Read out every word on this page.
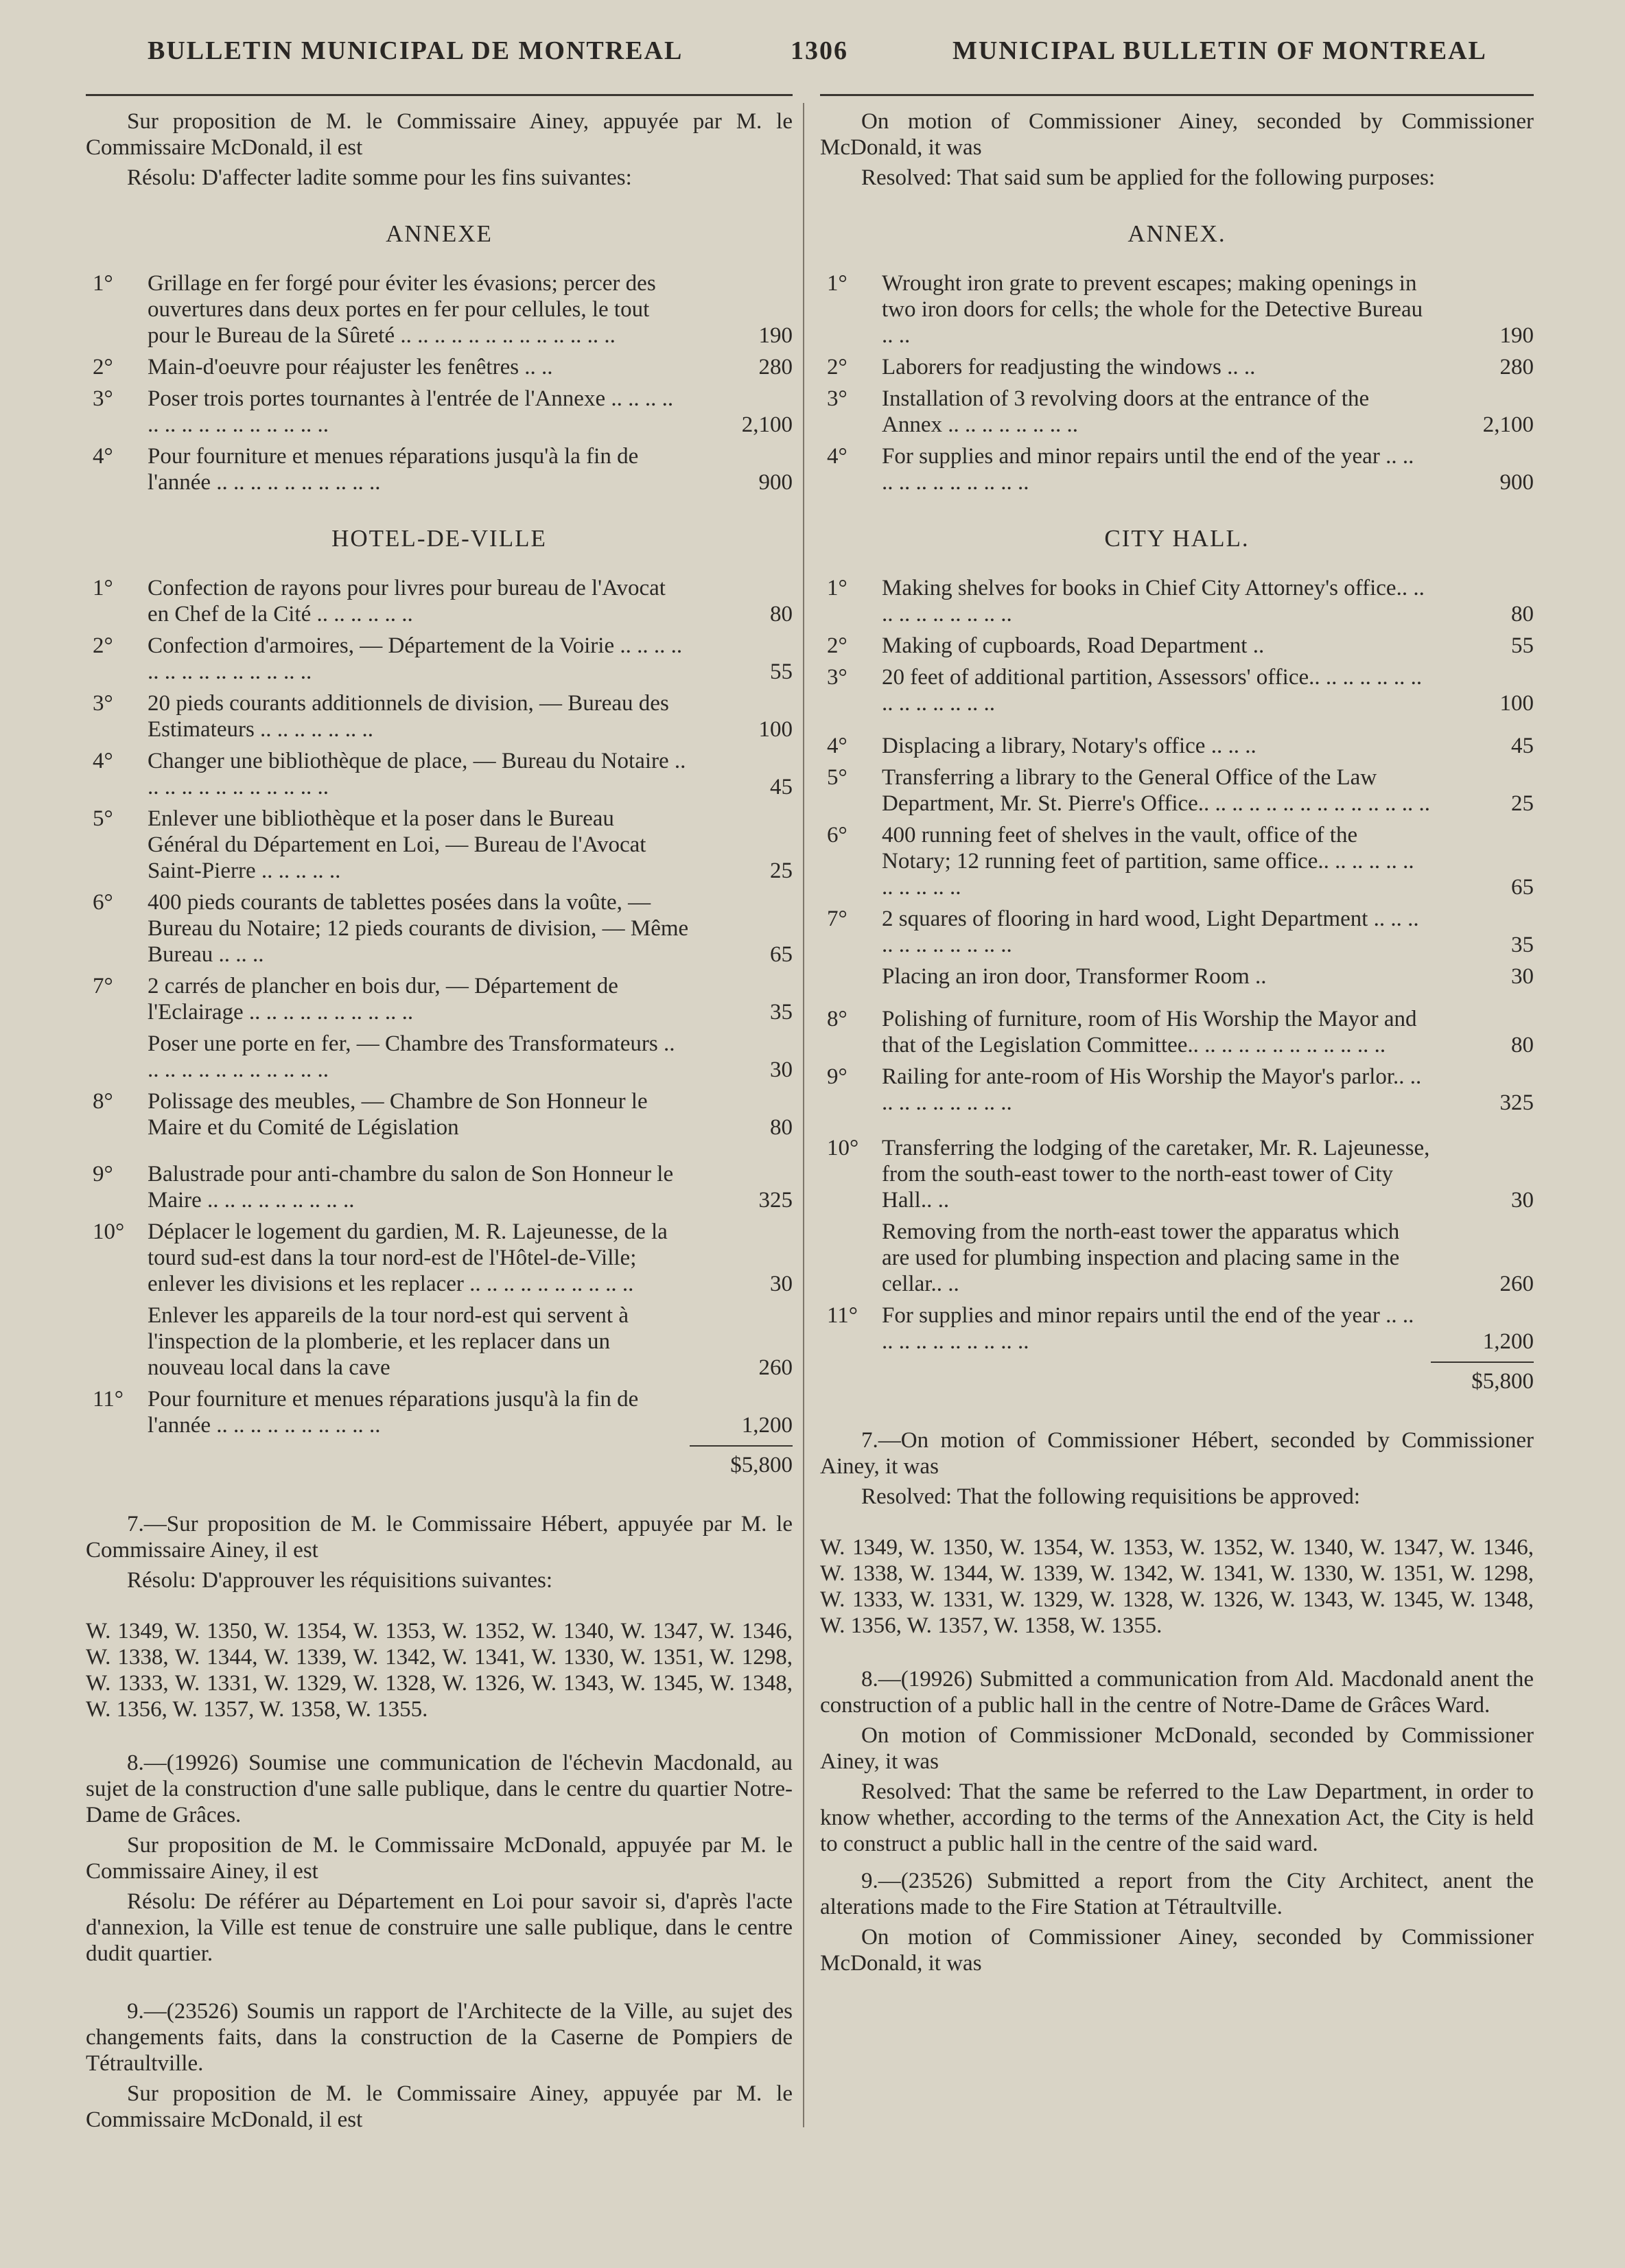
BULLETIN MUNICIPAL DE MONTREAL	1306	MUNICIPAL BULLETIN OF MONTREAL

Sur proposition de M. le Commissaire Ainey, appuyée par M. le Commissaire McDonald, il est

Résolu: D'affecter ladite somme pour les fins suivantes:

ANNEXE
1° Grillage en fer forgé pour éviter les évasions; percer des ouvertures dans deux portes en fer pour cellules, le tout pour le Bureau de la Sûreté .. .. .. .. .. .. .. .. .. .. .. .. ..	190
2° Main-d'oeuvre pour réajuster les fenêtres .. ..	280
3° Poser trois portes tournantes à l'entrée de l'Annexe .. .. .. .. .. .. .. .. .. .. .. .. .. .. ..	2,100
4° Pour fourniture et menues réparations jusqu'à la fin de l'année .. .. .. .. .. .. .. .. .. ..	900
HOTEL-DE-VILLE
1° Confection de rayons pour livres pour bureau de l'Avocat en Chef de la Cité .. .. .. .. .. ..	80
2° Confection d'armoires, — Département de la Voirie .. .. .. .. .. .. .. .. .. .. .. .. .. ..	55
3° 20 pieds courants additionnels de division, — Bureau des Estimateurs .. .. .. .. .. .. ..	100
4° Changer une bibliothèque de place, — Bureau du Notaire .. .. .. .. .. .. .. .. .. .. .. ..	45
5° Enlever une bibliothèque et la poser dans le Bureau Général du Département en Loi, — Bureau de l'Avocat Saint-Pierre .. .. .. .. ..	25
6° 400 pieds courants de tablettes posées dans la voûte, — Bureau du Notaire; 12 pieds courants de division, — Même Bureau .. .. ..	65
7° 2 carrés de plancher en bois dur, — Département de l'Eclairage .. .. .. .. .. .. .. .. .. ..	35
Poser une porte en fer, — Chambre des Transformateurs .. .. .. .. .. .. .. .. .. .. .. ..	30
8° Polissage des meubles, — Chambre de Son Honneur le Maire et du Comité de Législation	80
9° Balustrade pour anti-chambre du salon de Son Honneur le Maire .. .. .. .. .. .. .. .. ..	325
10° Déplacer le logement du gardien, M. R. Lajeunesse, de la tourd sud-est dans la tour nord-est de l'Hôtel-de-Ville; enlever les divisions et les replacer .. .. .. .. .. .. .. .. .. ..	30
Enlever les appareils de la tour nord-est qui servent à l'inspection de la plomberie, et les replacer dans un nouveau local dans la cave	260
11° Pour fourniture et menues réparations jusqu'à la fin de l'année .. .. .. .. .. .. .. .. .. ..	1,200
$5,800

7.—Sur proposition de M. le Commissaire Hébert, appuyée par M. le Commissaire Ainey, il est

Résolu: D'approuver les réquisitions suivantes:

W. 1349, W. 1350, W. 1354, W. 1353, W. 1352, W. 1340, W. 1347, W. 1346, W. 1338, W. 1344, W. 1339, W. 1342, W. 1341, W. 1330, W. 1351, W. 1298, W. 1333, W. 1331, W. 1329, W. 1328, W. 1326, W. 1343, W. 1345, W. 1348, W. 1356, W. 1357, W. 1358, W. 1355.

8.—(19926) Soumise une communication de l'échevin Macdonald, au sujet de la construction d'une salle publique, dans le centre du quartier Notre-Dame de Grâces.

Sur proposition de M. le Commissaire McDonald, appuyée par M. le Commissaire Ainey, il est

Résolu: De référer au Département en Loi pour savoir si, d'après l'acte d'annexion, la Ville est tenue de construire une salle publique, dans le centre dudit quartier.

9.—(23526) Soumis un rapport de l'Architecte de la Ville, au sujet des changements faits, dans la construction de la Caserne de Pompiers de Tétraultville.

Sur proposition de M. le Commissaire Ainey, appuyée par M. le Commissaire McDonald, il est

On motion of Commissioner Ainey, seconded by Commissioner McDonald, it was

Resolved: That said sum be applied for the following purposes:

ANNEX.
1° Wrought iron grate to prevent escapes; making openings in two iron doors for cells; the whole for the Detective Bureau .. ..	190
2° Laborers for readjusting the windows .. ..	280
3° Installation of 3 revolving doors at the entrance of the Annex .. .. .. .. .. .. .. ..	2,100
4° For supplies and minor repairs until the end of the year .. .. .. .. .. .. .. .. .. .. ..	900
CITY HALL.
1° Making shelves for books in Chief City Attorney's office.. .. .. .. .. .. .. .. .. ..	80
2° Making of cupboards, Road Department ..	55
3° 20 feet of additional partition, Assessors' office.. .. .. .. .. .. .. .. .. .. .. .. .. ..	100
4° Displacing a library, Notary's office .. .. ..	45
5° Transferring a library to the General Office of the Law Department, Mr. St. Pierre's Office.. .. .. .. .. .. .. .. .. .. .. .. .. ..	25
6° 400 running feet of shelves in the vault, office of the Notary; 12 running feet of partition, same office.. .. .. .. .. .. .. .. .. .. ..	65
7° 2 squares of flooring in hard wood, Light Department .. .. .. .. .. .. .. .. .. .. ..	35
Placing an iron door, Transformer Room ..	30
8° Polishing of furniture, room of His Worship the Mayor and that of the Legislation Committee.. .. .. .. .. .. .. .. .. .. .. ..	80
9° Railing for ante-room of His Worship the Mayor's parlor.. .. .. .. .. .. .. .. .. ..	325
10° Transferring the lodging of the caretaker, Mr. R. Lajeunesse, from the south-east tower to the north-east tower of City Hall.. ..	30
Removing from the north-east tower the apparatus which are used for plumbing inspection and placing same in the cellar.. ..	260
11° For supplies and minor repairs until the end of the year .. .. .. .. .. .. .. .. .. .. ..	1,200
$5,800

7.—On motion of Commissioner Hébert, seconded by Commissioner Ainey, it was

Resolved: That the following requisitions be approved:

W. 1349, W. 1350, W. 1354, W. 1353, W. 1352, W. 1340, W. 1347, W. 1346, W. 1338, W. 1344, W. 1339, W. 1342, W. 1341, W. 1330, W. 1351, W. 1298, W. 1333, W. 1331, W. 1329, W. 1328, W. 1326, W. 1343, W. 1345, W. 1348, W. 1356, W. 1357, W. 1358, W. 1355.

8.—(19926) Submitted a communication from Ald. Macdonald anent the construction of a public hall in the centre of Notre-Dame de Grâces Ward.

On motion of Commissioner McDonald, seconded by Commissioner Ainey, it was

Resolved: That the same be referred to the Law Department, in order to know whether, according to the terms of the Annexation Act, the City is held to construct a public hall in the centre of the said ward.

9.—(23526) Submitted a report from the City Architect, anent the alterations made to the Fire Station at Tétraultville.

On motion of Commissioner Ainey, seconded by Commissioner McDonald, it was
